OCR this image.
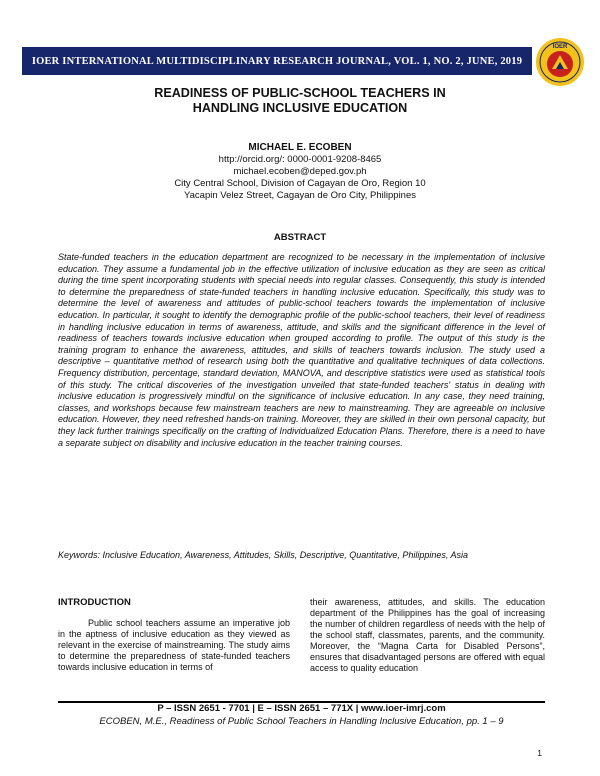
IOER INTERNATIONAL MULTIDISCIPLINARY RESEARCH JOURNAL, VOL. 1, NO. 2, JUNE, 2019
IOER
READINESS OF PUBLIC-SCHOOL TEACHERS IN
HANDLING INCLUSIVE EDUCATION
MICHAEL E. ECOBEN
http://orcid.org/: 0000-0001-9208-8465
michael.ecoben@deped.gov.ph
City Central School, Division of Cagayan de Oro, Region 10
Yacapin Velez Street, Cagayan de Oro City, Philippines
ABSTRACT

State-funded teachers in the education department are recognized to be necessary in the implementation of inclusive education. They assume a fundamental job in the effective utilization of inclusive education as they are seen as critical during the time spent incorporating students with special needs into regular classes. Consequently, this study is intended to determine the preparedness of state-funded teachers in handling inclusive education. Specifically, this study was to determine the level of awareness and attitudes of public-school teachers towards the implementation of inclusive education. In particular, it sought to identify the demographic profile of the public-school teachers, their level of readiness in handling inclusive education in terms of awareness, attitude, and skills and the significant difference in the level of readiness of teachers towards inclusive education when grouped according to profile. The output of this study is the training program to enhance the awareness, attitudes, and skills of teachers towards inclusion. The study used a descriptive – quantitative method of research using both the quantitative and qualitative techniques of data collections. Frequency distribution, percentage, standard deviation, MANOVA, and descriptive statistics were used as statistical tools of this study. The critical discoveries of the investigation unveiled that state-funded teachers' status in dealing with inclusive education is progressively mindful on the significance of inclusive education. In any case, they need training, classes, and workshops because few mainstream teachers are new to mainstreaming. They are agreeable on inclusive education. However, they need refreshed hands-on training. Moreover, they are skilled in their own personal capacity, but they lack further trainings specifically on the crafting of Individualized Education Plans. Therefore, there is a need to have a separate subject on disability and inclusive education in the teacher training courses.

Keywords: Inclusive Education, Awareness, Attitudes, Skills, Descriptive, Quantitative, Philippines, Asia

INTRODUCTION

Public school teachers assume an imperative job in the aptness of inclusive education as they viewed as relevant in the exercise of mainstreaming. The study aims to determine the preparedness of state-funded teachers towards inclusive education in terms of

their awareness, attitudes, and skills. The education department of the Philippines has the goal of increasing the number of children regardless of needs with the help of the school staff, classmates, parents, and the community. Moreover, the “Magna Carta for Disabled Persons”, ensures that disadvantaged persons are offered with equal access to quality education

P – ISSN 2651 - 7701 | E – ISSN 2651 – 771X | www.ioer-imrj.com
ECOBEN, M.E., Readiness of Public School Teachers in Handling Inclusive Education, pp. 1 – 9
1
